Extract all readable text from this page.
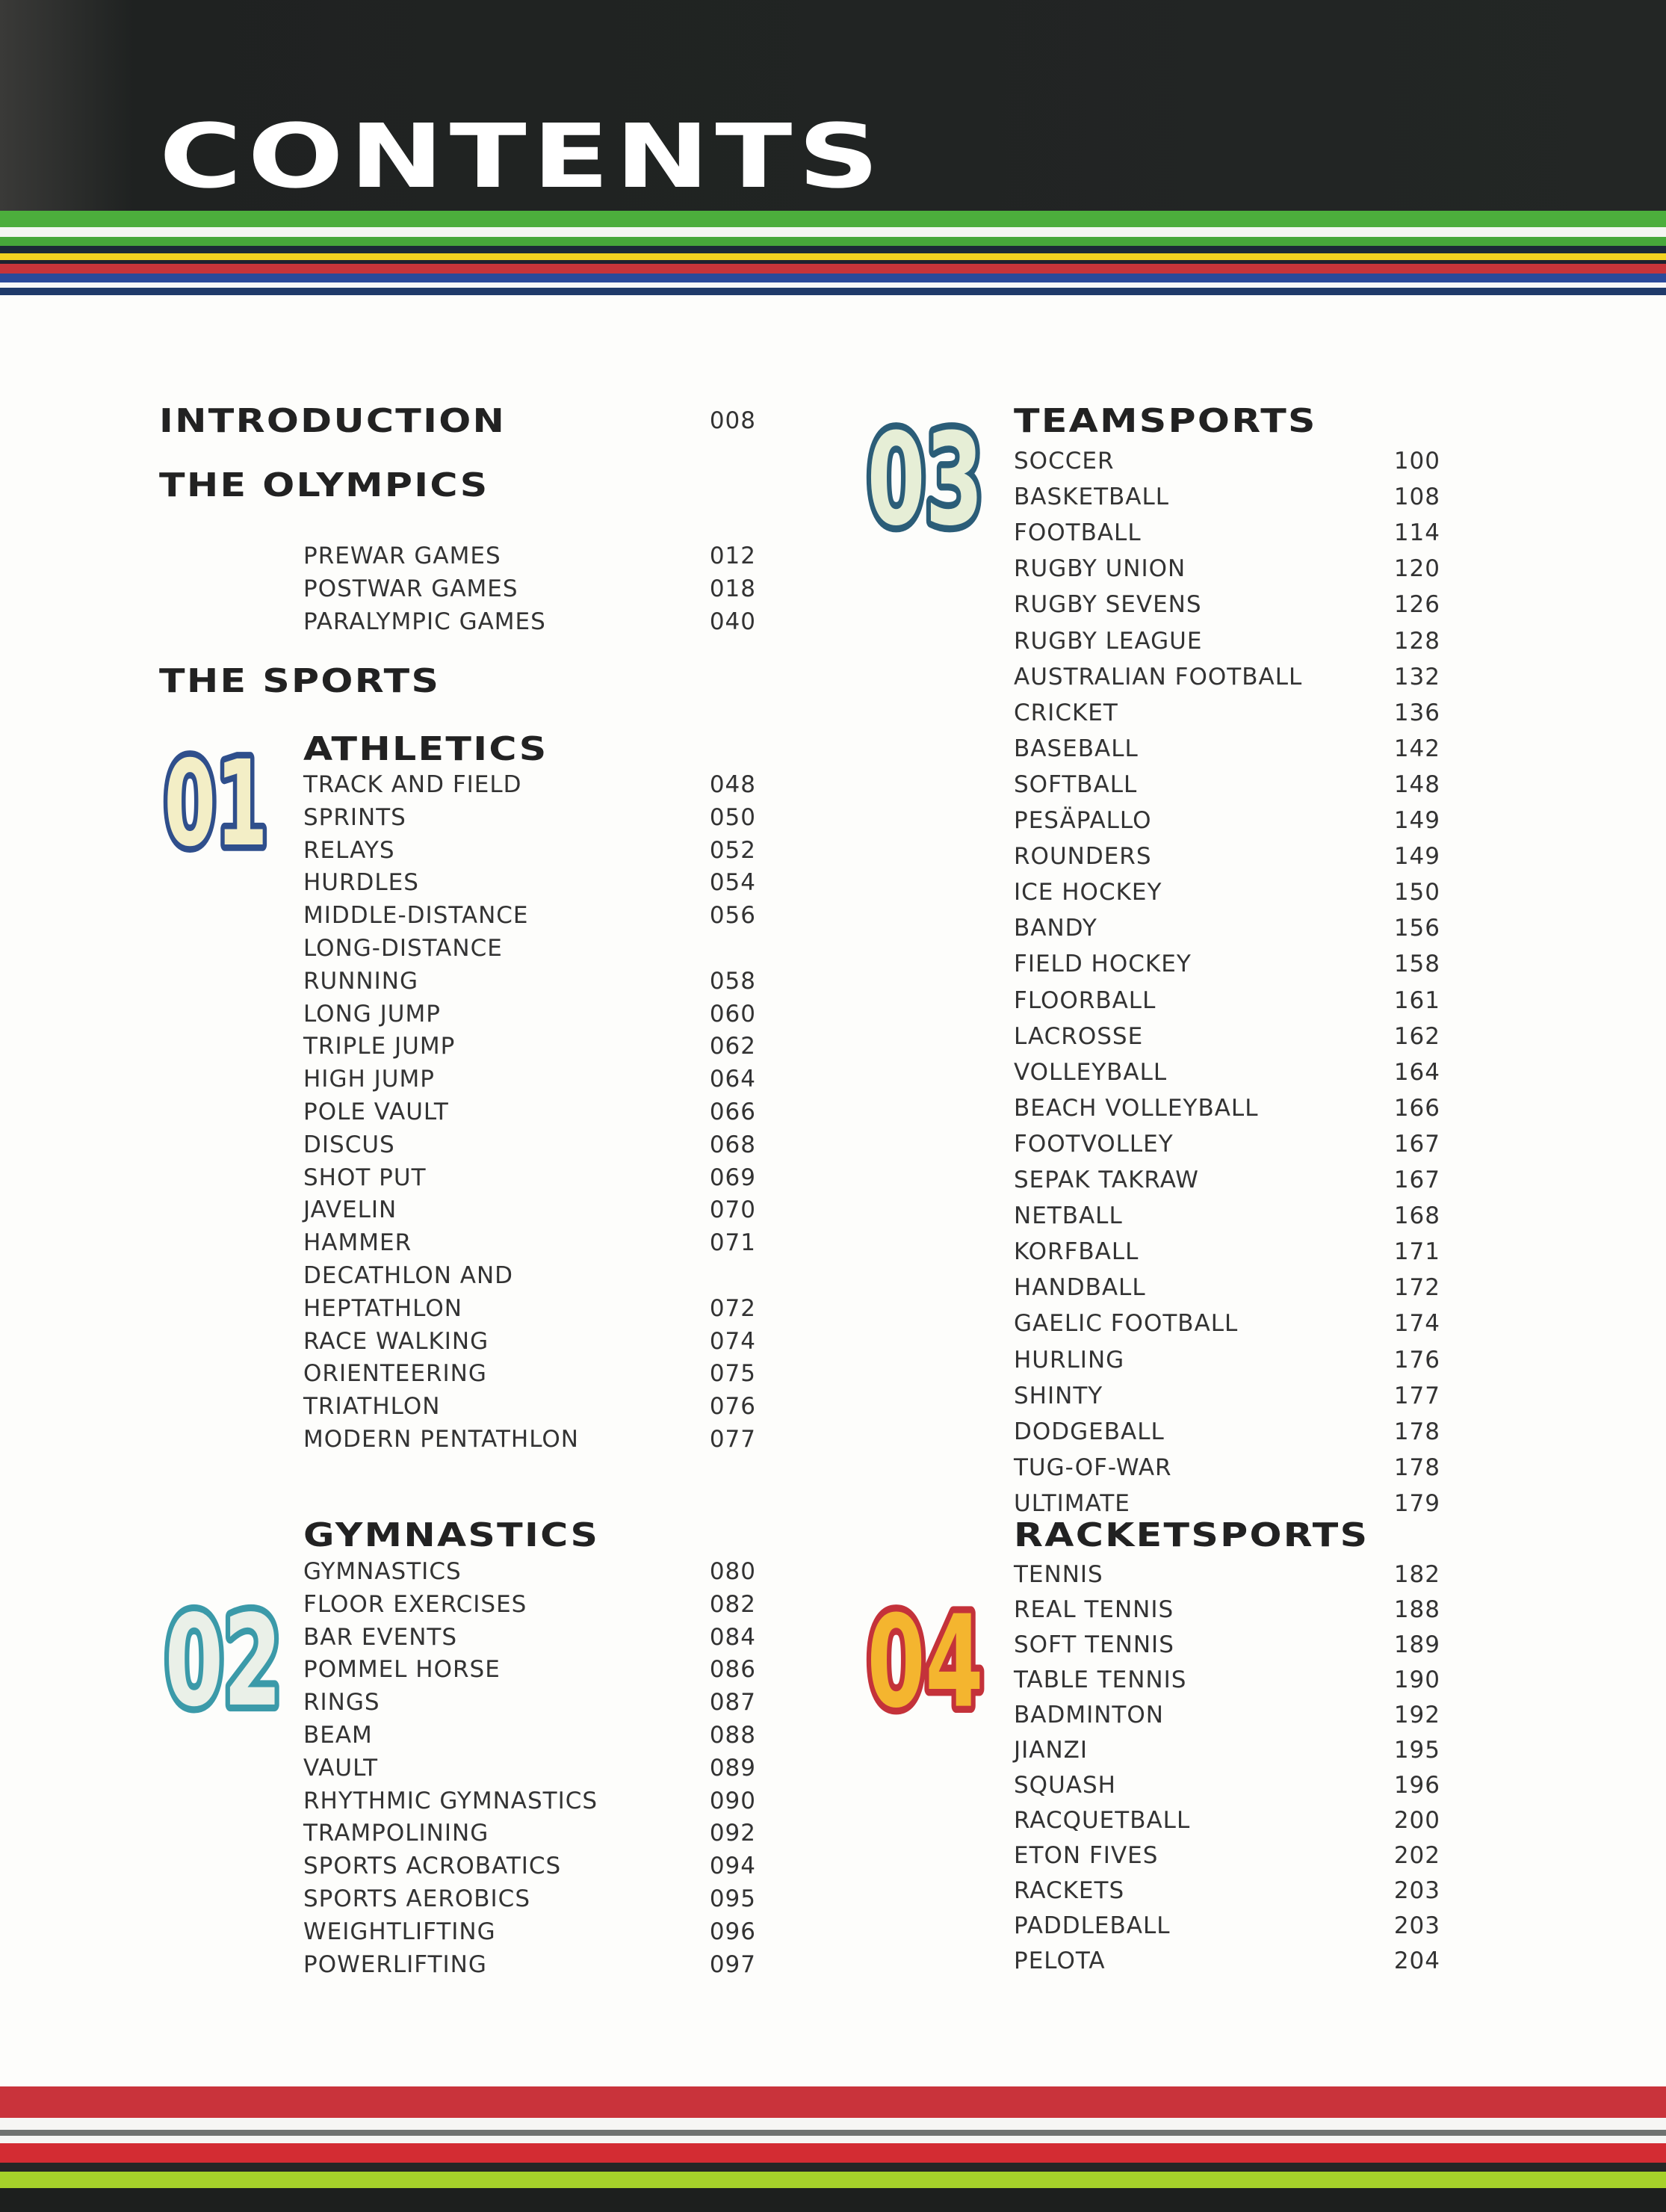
CONTENTS
INTRODUCTION	008
THE OLYMPICS
PREWAR GAMES	012
POSTWAR GAMES	018
PARALYMPIC GAMES	040
THE SPORTS
01 ATHLETICS
TRACK AND FIELD	048
SPRINTS	050
RELAYS	052
HURDLES	054
MIDDLE-DISTANCE	056
LONG-DISTANCE
RUNNING	058
LONG JUMP	060
TRIPLE JUMP	062
HIGH JUMP	064
POLE VAULT	066
DISCUS	068
SHOT PUT	069
JAVELIN	070
HAMMER	071
DECATHLON AND
HEPTATHLON	072
RACE WALKING	074
ORIENTEERING	075
TRIATHLON	076
MODERN PENTATHLON	077
GYMNASTICS
02
GYMNASTICS	080
FLOOR EXERCISES	082
BAR EVENTS	084
POMMEL HORSE	086
RINGS	087
BEAM	088
VAULT	089
RHYTHMIC GYMNASTICS	090
TRAMPOLINING	092
SPORTS ACROBATICS	094
SPORTS AEROBICS	095
WEIGHTLIFTING	096
POWERLIFTING	097
03 TEAMSPORTS
SOCCER	100
BASKETBALL	108
FOOTBALL	114
RUGBY UNION	120
RUGBY SEVENS	126
RUGBY LEAGUE	128
AUSTRALIAN FOOTBALL	132
CRICKET	136
BASEBALL	142
SOFTBALL	148
PESÄPALLO	149
ROUNDERS	149
ICE HOCKEY	150
BANDY	156
FIELD HOCKEY	158
FLOORBALL	161
LACROSSE	162
VOLLEYBALL	164
BEACH VOLLEYBALL	166
FOOTVOLLEY	167
SEPAK TAKRAW	167
NETBALL	168
KORFBALL	171
HANDBALL	172
GAELIC FOOTBALL	174
HURLING	176
SHINTY	177
DODGEBALL	178
TUG-OF-WAR	178
ULTIMATE	179
RACKETSPORTS
04
TENNIS	182
REAL TENNIS	188
SOFT TENNIS	189
TABLE TENNIS	190
BADMINTON	192
JIANZI	195
SQUASH	196
RACQUETBALL	200
ETON FIVES	202
RACKETS	203
PADDLEBALL	203
PELOTA	204
